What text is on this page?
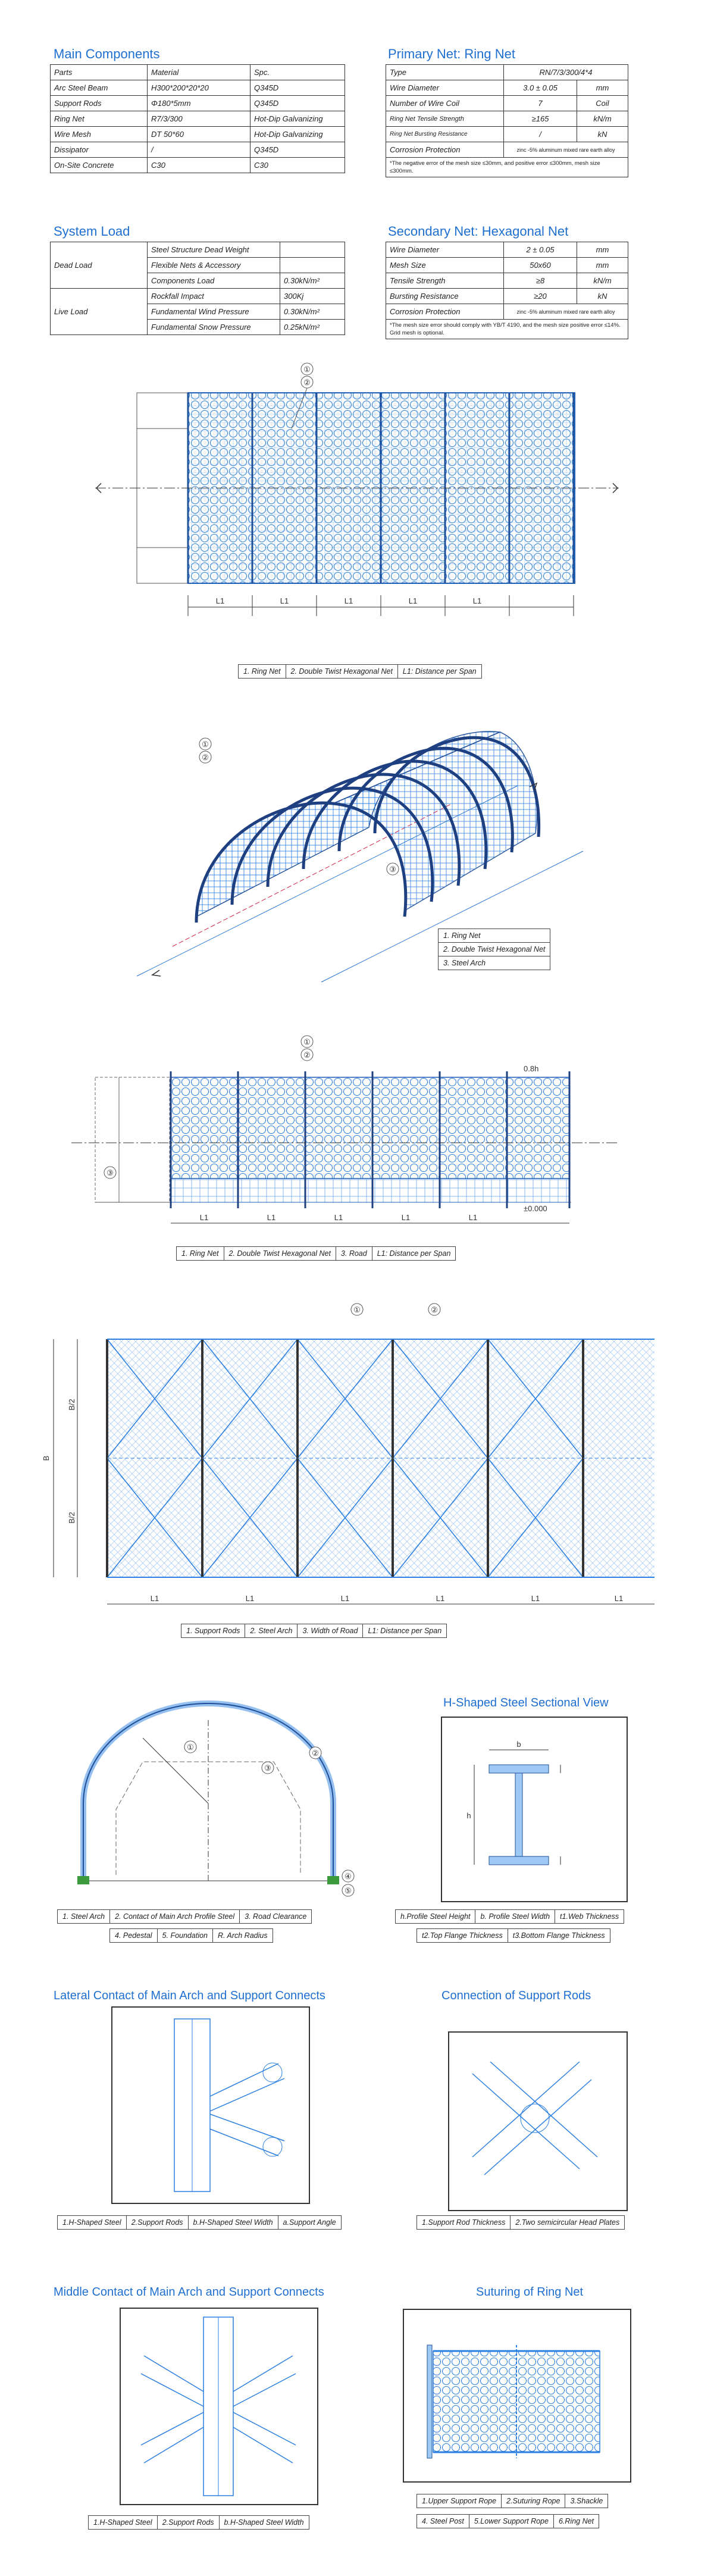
Main Components
Parts	Material	Spc.
Arc Steel Beam	H300*200*20*20	Q345D
Support Rods	Φ180*5mm	Q345D
Ring Net	R7/3/300	Hot-Dip Galvanizing
Wire Mesh	DT 50*60	Hot-Dip Galvanizing
Dissipator	/	Q345D
On-Site Concrete	C30	C30
Primary Net: Ring Net
Type	RN/7/3/300/4*4	
Wire Diameter	3.0 ± 0.05	mm
Number of Wire Coil	7	Coil
Ring Net Tensile Strength	≥165	kN/m
Ring Net Bursting Resistance	/	kN
Corrosion Protection	zinc -5% aluminum mixed rare earth alloy	
*The negative error of the mesh size ≤30mm, and positive error ≤300mm, mesh size ≤300mm.		
System Load
Dead Load	Steel Structure Dead Weight	
	Flexible Nets & Accessory	
	Components Load	0.30kN/m²
Live Load	Rockfall Impact	300Kj
	Fundamental Wind Pressure	0.30kN/m²
	Fundamental Snow Pressure	0.25kN/m²
Secondary Net: Hexagonal Net
Wire Diameter	2 ± 0.05	mm
Mesh Size	50x60	mm
Tensile Strength	≥8	kN/m
Bursting Resistance	≥20	kN
Corrosion Protection	zinc -5% aluminum mixed rare earth alloy	
*The mesh size error should comply with YB/T 4190, and the mesh size positive error ≤14%. Grid mesh is optional.		
①
②
L1	L1	L1	L1	L1
1. Ring Net	2. Double Twist Hexagonal Net	L1: Distance per Span
①
②
③
1. Ring Net
2. Double Twist Hexagonal Net
3. Steel Arch
①
②
③
0.8h
±0.000
L1	L1	L1	L1	L1
1. Ring Net	2. Double Twist Hexagonal Net	3. Road	L1: Distance per Span
①	②
B/2
B/2
B
L1	L1	L1	L1	L1	L1
1. Support Rods	2. Steel Arch	3. Width of Road	L1: Distance per Span
①
②
③
④
⑤
1. Steel Arch	2. Contact of Main Arch Profile Steel	3. Road Clearance
4. Pedestal	5. Foundation	R. Arch Radius
H-Shaped Steel Sectional View
b
h
h.Profile Steel Height	b. Profile Steel Width	t1.Web Thickness
t2.Top Flange Thickness	t3.Bottom Flange Thickness
Lateral Contact of Main Arch and Support Connects
1.H-Shaped Steel	2.Support Rods	b.H-Shaped Steel Width	a.Support Angle
Connection of Support Rods
1.Support Rod Thickness	2.Two semicircular Head Plates
Middle Contact of Main Arch and Support Connects
1.H-Shaped Steel	2.Support Rods	b.H-Shaped Steel Width
Suturing of Ring Net
1.Upper Support Rope	2.Suturing Rope	3.Shackle
4. Steel Post	5.Lower Support Rope	6.Ring Net
